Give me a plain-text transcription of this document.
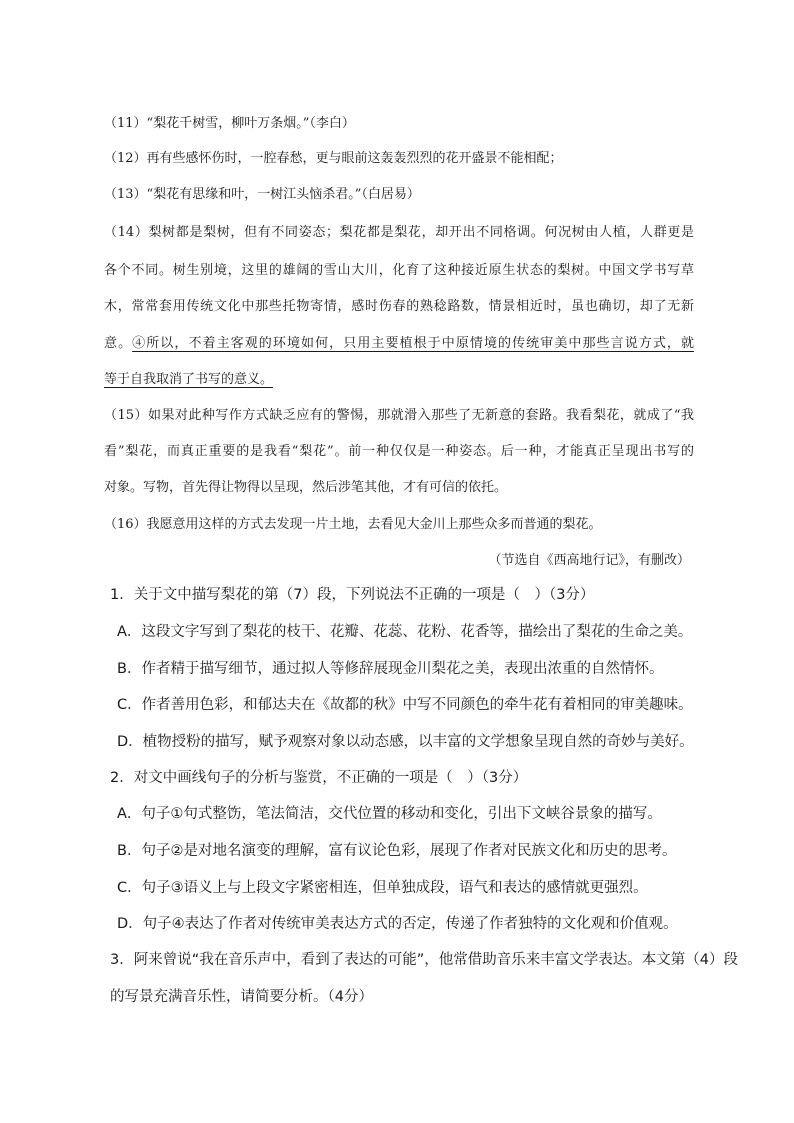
（11）“梨花千树雪，柳叶万条烟。”（李白）
（12）再有些感怀伤时，一腔春愁，更与眼前这轰轰烈烈的花开盛景不能相配；
（13）“梨花有思缘和叶，一树江头恼杀君。”（白居易）
（14）梨树都是梨树，但有不同姿态；梨花都是梨花，却开出不同格调。何况树由人植，人群更是
各个不同。树生别境，这里的雄阔的雪山大川，化育了这种接近原生状态的梨树。中国文学书写草
木，常常套用传统文化中那些托物寄情，感时伤春的熟稔路数，情景相近时，虽也确切，却了无新
意。④所以，不着主客观的环境如何，只用主要植根于中原情境的传统审美中那些言说方式，就
等于自我取消了书写的意义。
（15）如果对此种写作方式缺乏应有的警惕，那就滑入那些了无新意的套路。我看梨花，就成了“我
看”梨花，而真正重要的是我看“梨花”。前一种仅仅是一种姿态。后一种，才能真正呈现出书写的
对象。写物，首先得让物得以呈现，然后涉笔其他，才有可信的依托。
（16）我愿意用这样的方式去发现一片土地，去看见大金川上那些众多而普通的梨花。
（节选自《西高地行记》，有删改）
1．关于文中描写梨花的第（7）段，下列说法不正确的一项是（　）（3分）
A．这段文字写到了梨花的枝干、花瓣、花蕊、花粉、花香等，描绘出了梨花的生命之美。
B．作者精于描写细节，通过拟人等修辞展现金川梨花之美，表现出浓重的自然情怀。
C．作者善用色彩，和郁达夫在《故都的秋》中写不同颜色的牵牛花有着相同的审美趣味。
D．植物授粉的描写，赋予观察对象以动态感，以丰富的文学想象呈现自然的奇妙与美好。
2．对文中画线句子的分析与鉴赏，不正确的一项是（　）（3分）
A．句子①句式整饬，笔法简洁，交代位置的移动和变化，引出下文峡谷景象的描写。
B．句子②是对地名演变的理解，富有议论色彩，展现了作者对民族文化和历史的思考。
C．句子③语义上与上段文字紧密相连，但单独成段，语气和表达的感情就更强烈。
D．句子④表达了作者对传统审美表达方式的否定，传递了作者独特的文化观和价值观。
3．阿来曾说“我在音乐声中，看到了表达的可能”，他常借助音乐来丰富文学表达。本文第（4）段
的写景充满音乐性，请简要分析。（4分）
